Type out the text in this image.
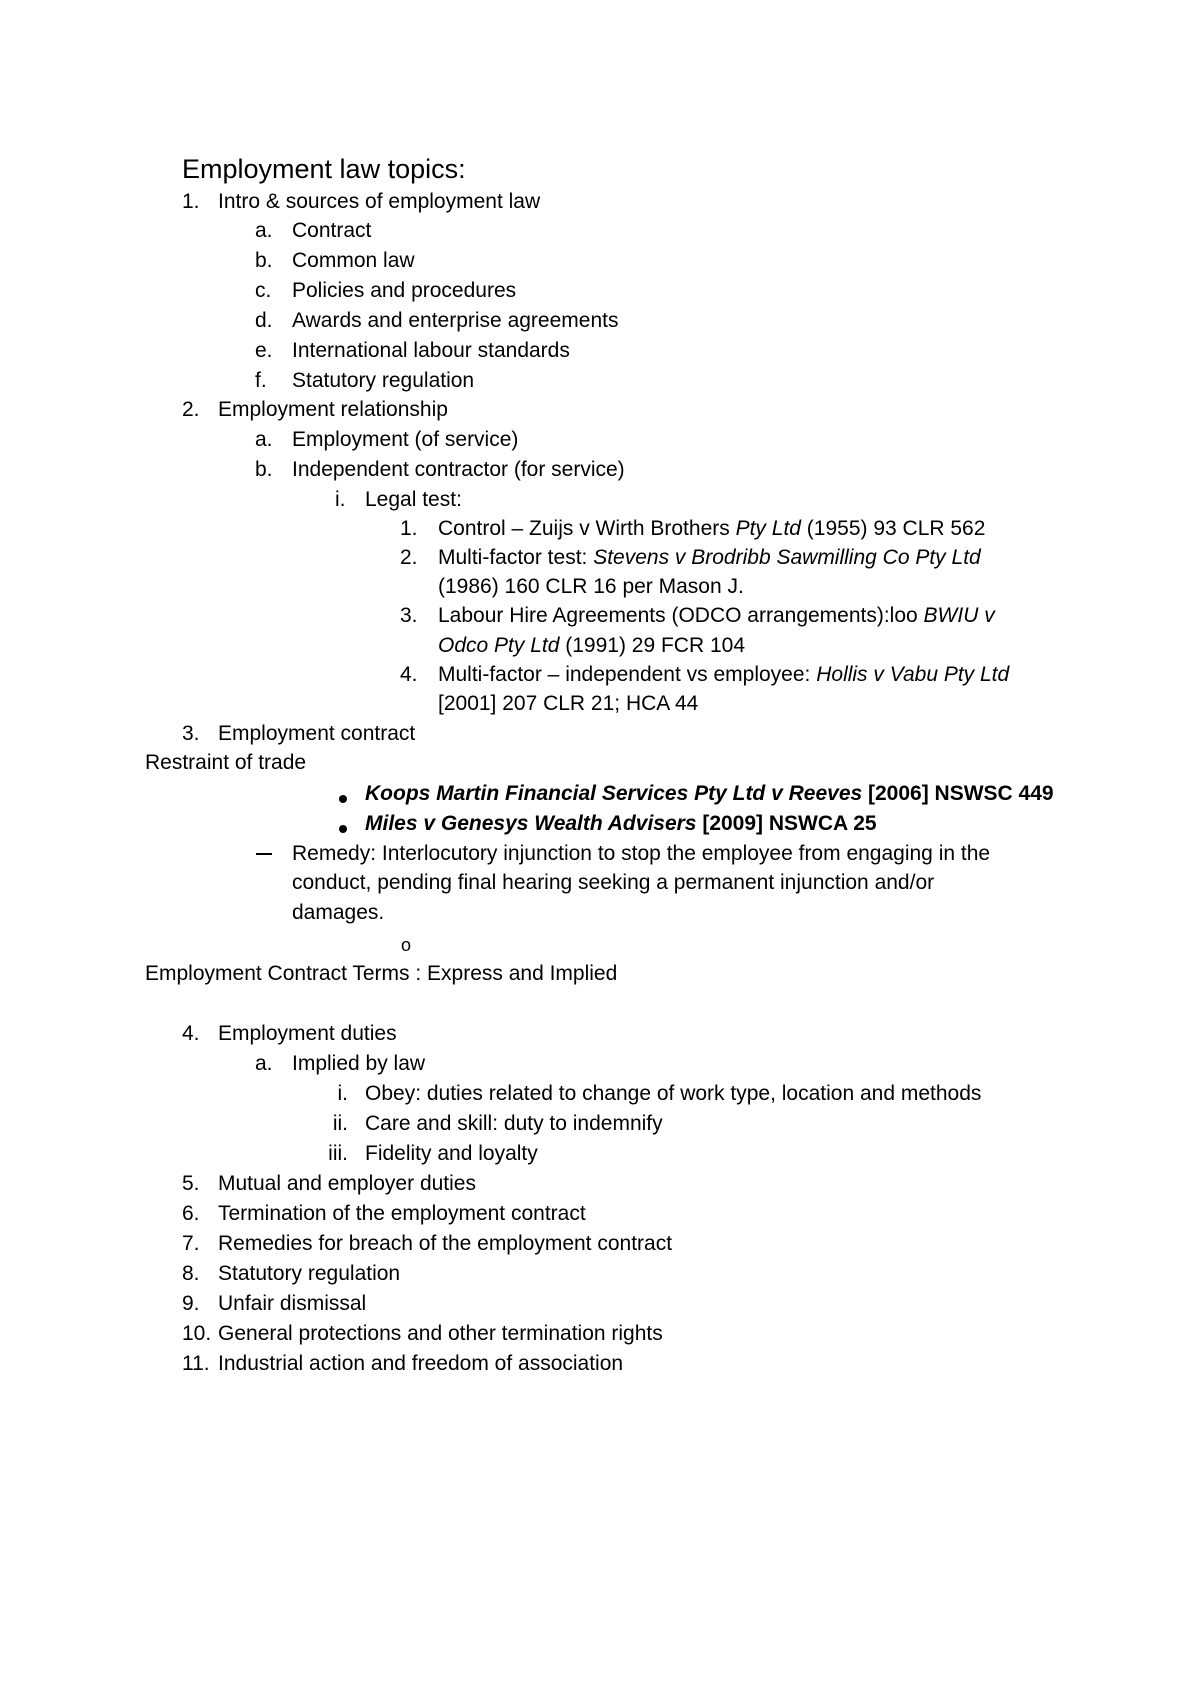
Employment law topics:
1. Intro & sources of employment law
a. Contract
b. Common law
c. Policies and procedures
d. Awards and enterprise agreements
e. International labour standards
f. Statutory regulation
2. Employment relationship
a. Employment (of service)
b. Independent contractor (for service)
i. Legal test:
1. Control – Zuijs v Wirth Brothers Pty Ltd (1955) 93 CLR 562
2. Multi-factor test: Stevens v Brodribb Sawmilling Co Pty Ltd
(1986) 160 CLR 16 per Mason J.
3. Labour Hire Agreements (ODCO arrangements):loo BWIU v
Odco Pty Ltd (1991) 29 FCR 104
4. Multi-factor – independent vs employee: Hollis v Vabu Pty Ltd
[2001] 207 CLR 21; HCA 44
3. Employment contract
Restraint of trade
Koops Martin Financial Services Pty Ltd v Reeves [2006] NSWSC 449
Miles v Genesys Wealth Advisers [2009] NSWCA 25
Remedy: Interlocutory injunction to stop the employee from engaging in the
conduct, pending final hearing seeking a permanent injunction and/or
damages.
o
Employment Contract Terms : Express and Implied
4. Employment duties
a. Implied by law
i. Obey: duties related to change of work type, location and methods
ii. Care and skill: duty to indemnify
iii. Fidelity and loyalty
5. Mutual and employer duties
6. Termination of the employment contract
7. Remedies for breach of the employment contract
8. Statutory regulation
9. Unfair dismissal
10. General protections and other termination rights
11. Industrial action and freedom of association
